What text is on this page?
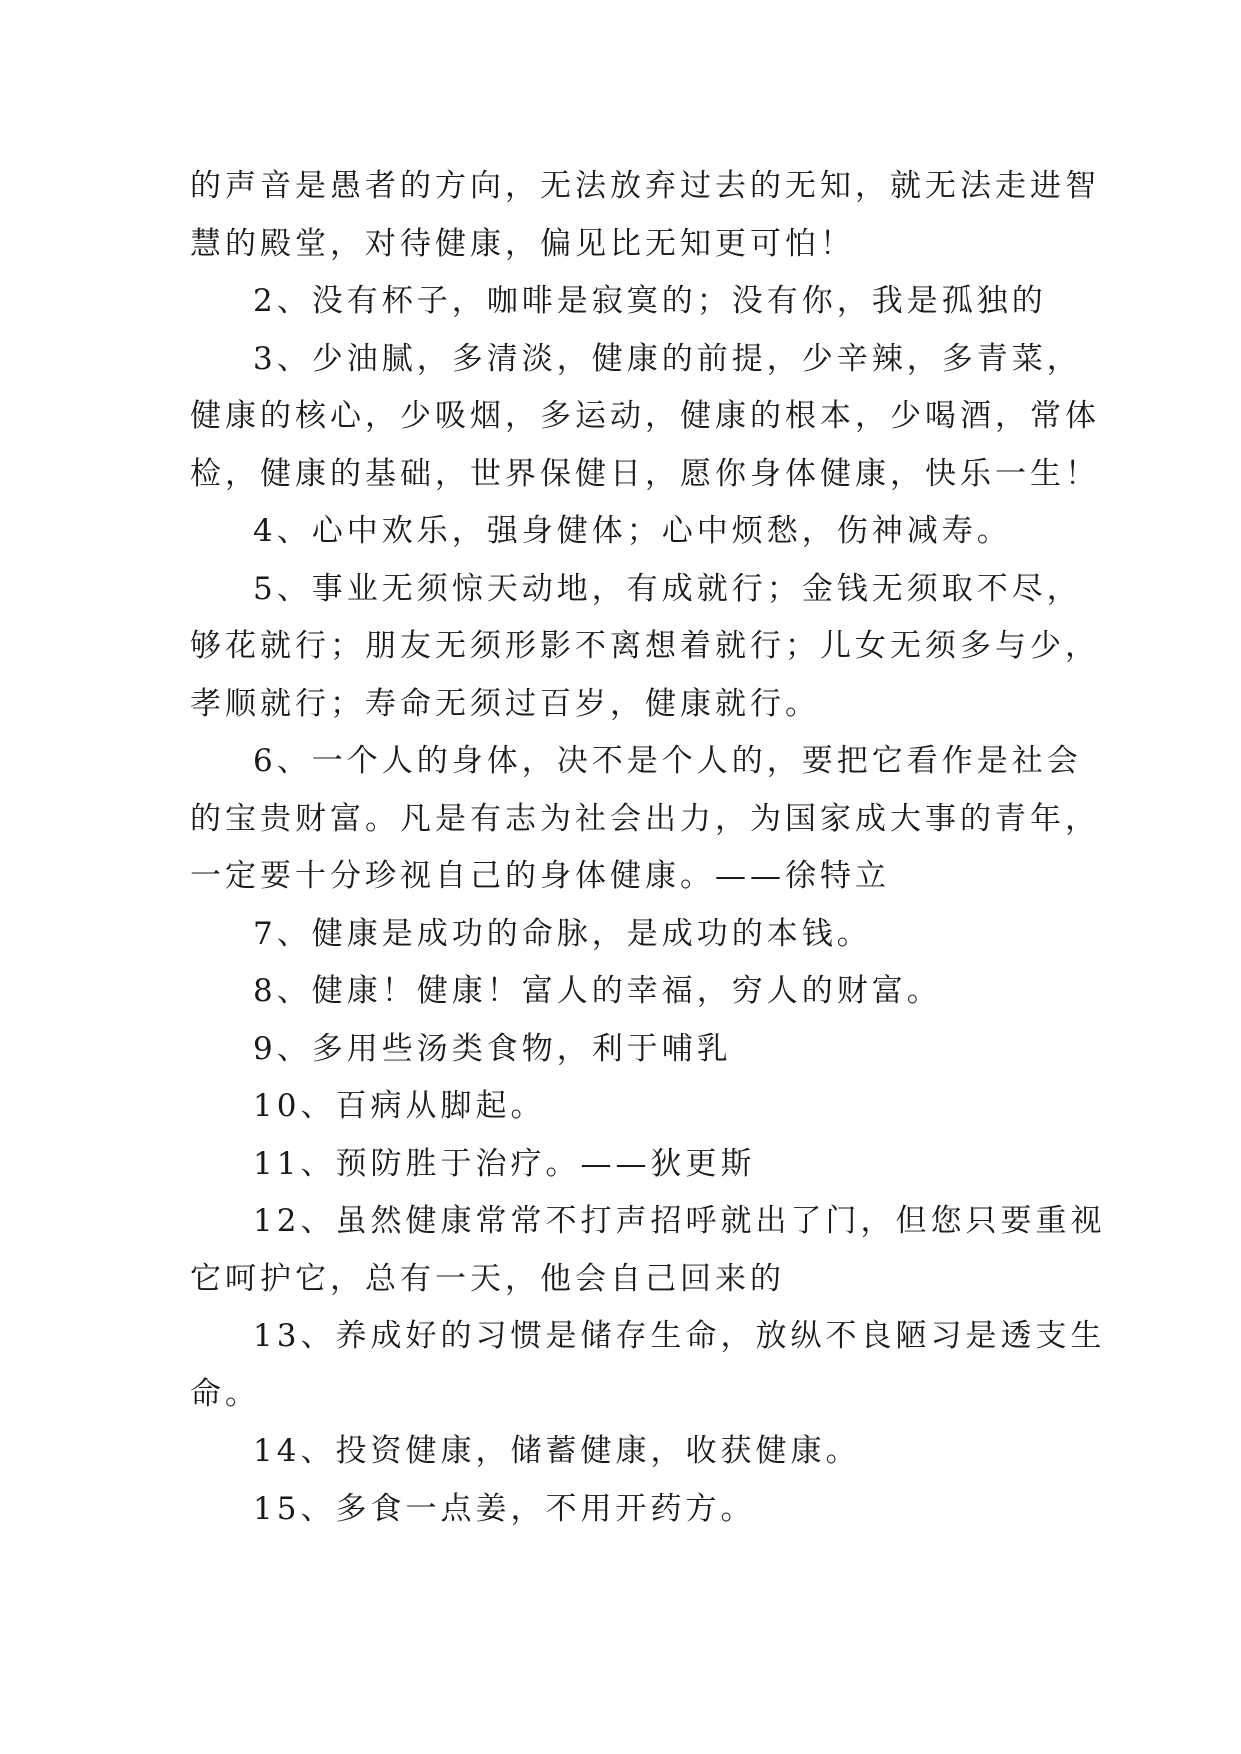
的声音是愚者的方向，无法放弃过去的无知，就无法走进智
慧的殿堂，对待健康，偏见比无知更可怕！
2、没有杯子，咖啡是寂寞的；没有你，我是孤独的
3、少油腻，多清淡，健康的前提，少辛辣，多青菜，
健康的核心，少吸烟，多运动，健康的根本，少喝酒，常体
检，健康的基础，世界保健日，愿你身体健康，快乐一生！
4、心中欢乐，强身健体；心中烦愁，伤神减寿。
5、事业无须惊天动地，有成就行；金钱无须取不尽，
够花就行；朋友无须形影不离想着就行；儿女无须多与少，
孝顺就行；寿命无须过百岁，健康就行。
6、一个人的身体，决不是个人的，要把它看作是社会
的宝贵财富。凡是有志为社会出力，为国家成大事的青年，
一定要十分珍视自己的身体健康。——徐特立
7、健康是成功的命脉，是成功的本钱。
8、健康！健康！富人的幸福，穷人的财富。
9、多用些汤类食物，利于哺乳
10、百病从脚起。
11、预防胜于治疗。——狄更斯
12、虽然健康常常不打声招呼就出了门，但您只要重视
它呵护它，总有一天，他会自己回来的
13、养成好的习惯是储存生命，放纵不良陋习是透支生
命。
14、投资健康，储蓄健康，收获健康。
15、多食一点姜，不用开药方。
